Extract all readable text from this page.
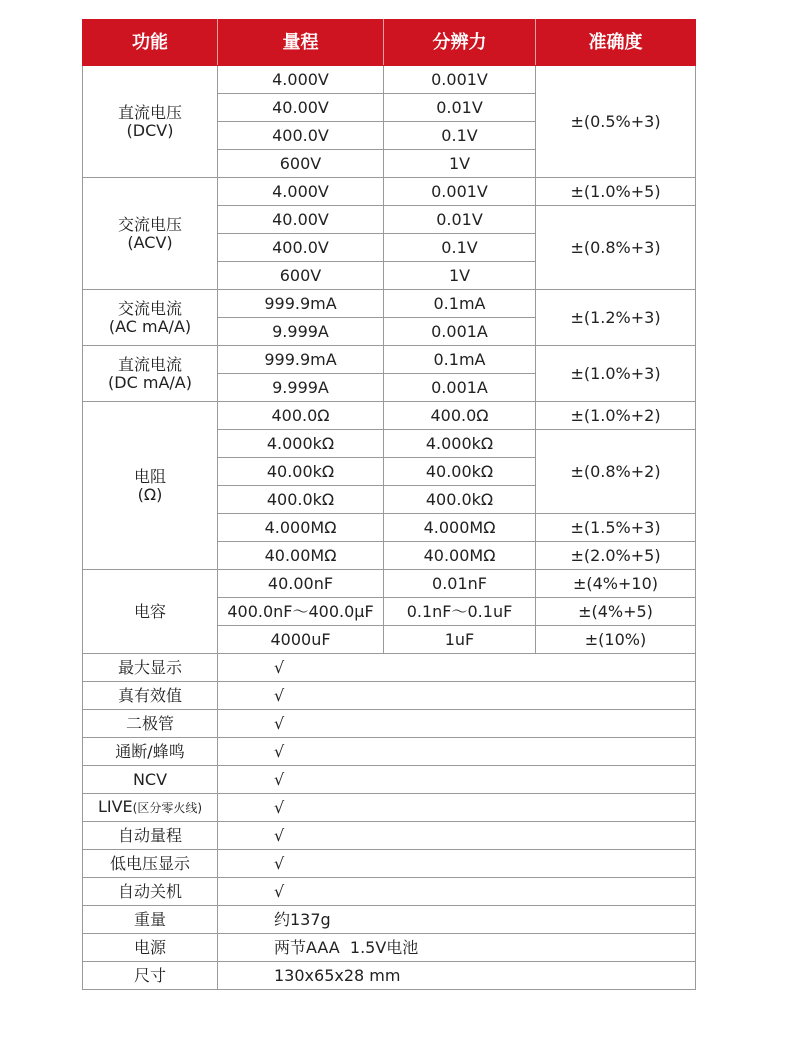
功能	量程	分辨力	准确度

直流电压
(DCV)	4.000V	0.001V	±(0.5%+3)
	40.00V	0.01V	
	400.0V	0.1V	
	600V	1V	

交流电压
(ACV)	4.000V	0.001V	±(1.0%+5)
	40.00V	0.01V	±(0.8%+3)
	400.0V	0.1V	
	600V	1V	

交流电流
(AC mA/A)	999.9mA	0.1mA	±(1.2%+3)
	9.999A	0.001A	

直流电流
(DC mA/A)	999.9mA	0.1mA	±(1.0%+3)
	9.999A	0.001A	

电阻
(Ω)	400.0Ω	400.0Ω	±(1.0%+2)
	4.000kΩ	4.000kΩ	±(0.8%+2)
	40.00kΩ	40.00kΩ	
	400.0kΩ	400.0kΩ	
	4.000MΩ	4.000MΩ	±(1.5%+3)
	40.00MΩ	40.00MΩ	±(2.0%+5)
电容	40.00nF	0.01nF	±(4%+10)
	400.0nF～400.0μF	0.1nF～0.1uF	±(4%+5)
	4000uF	1uF	±(10%)
最大显示	√		
真有效值	√		
二极管	√		
通断/蜂鸣	√		
NCV	√		
LIVE(区分零火线)	√		
自动量程	√		
低电压显示	√		
自动关机	√		
重量	约137g		
电源	两节AAA  1.5V电池		
尺寸	130x65x28 mm		
